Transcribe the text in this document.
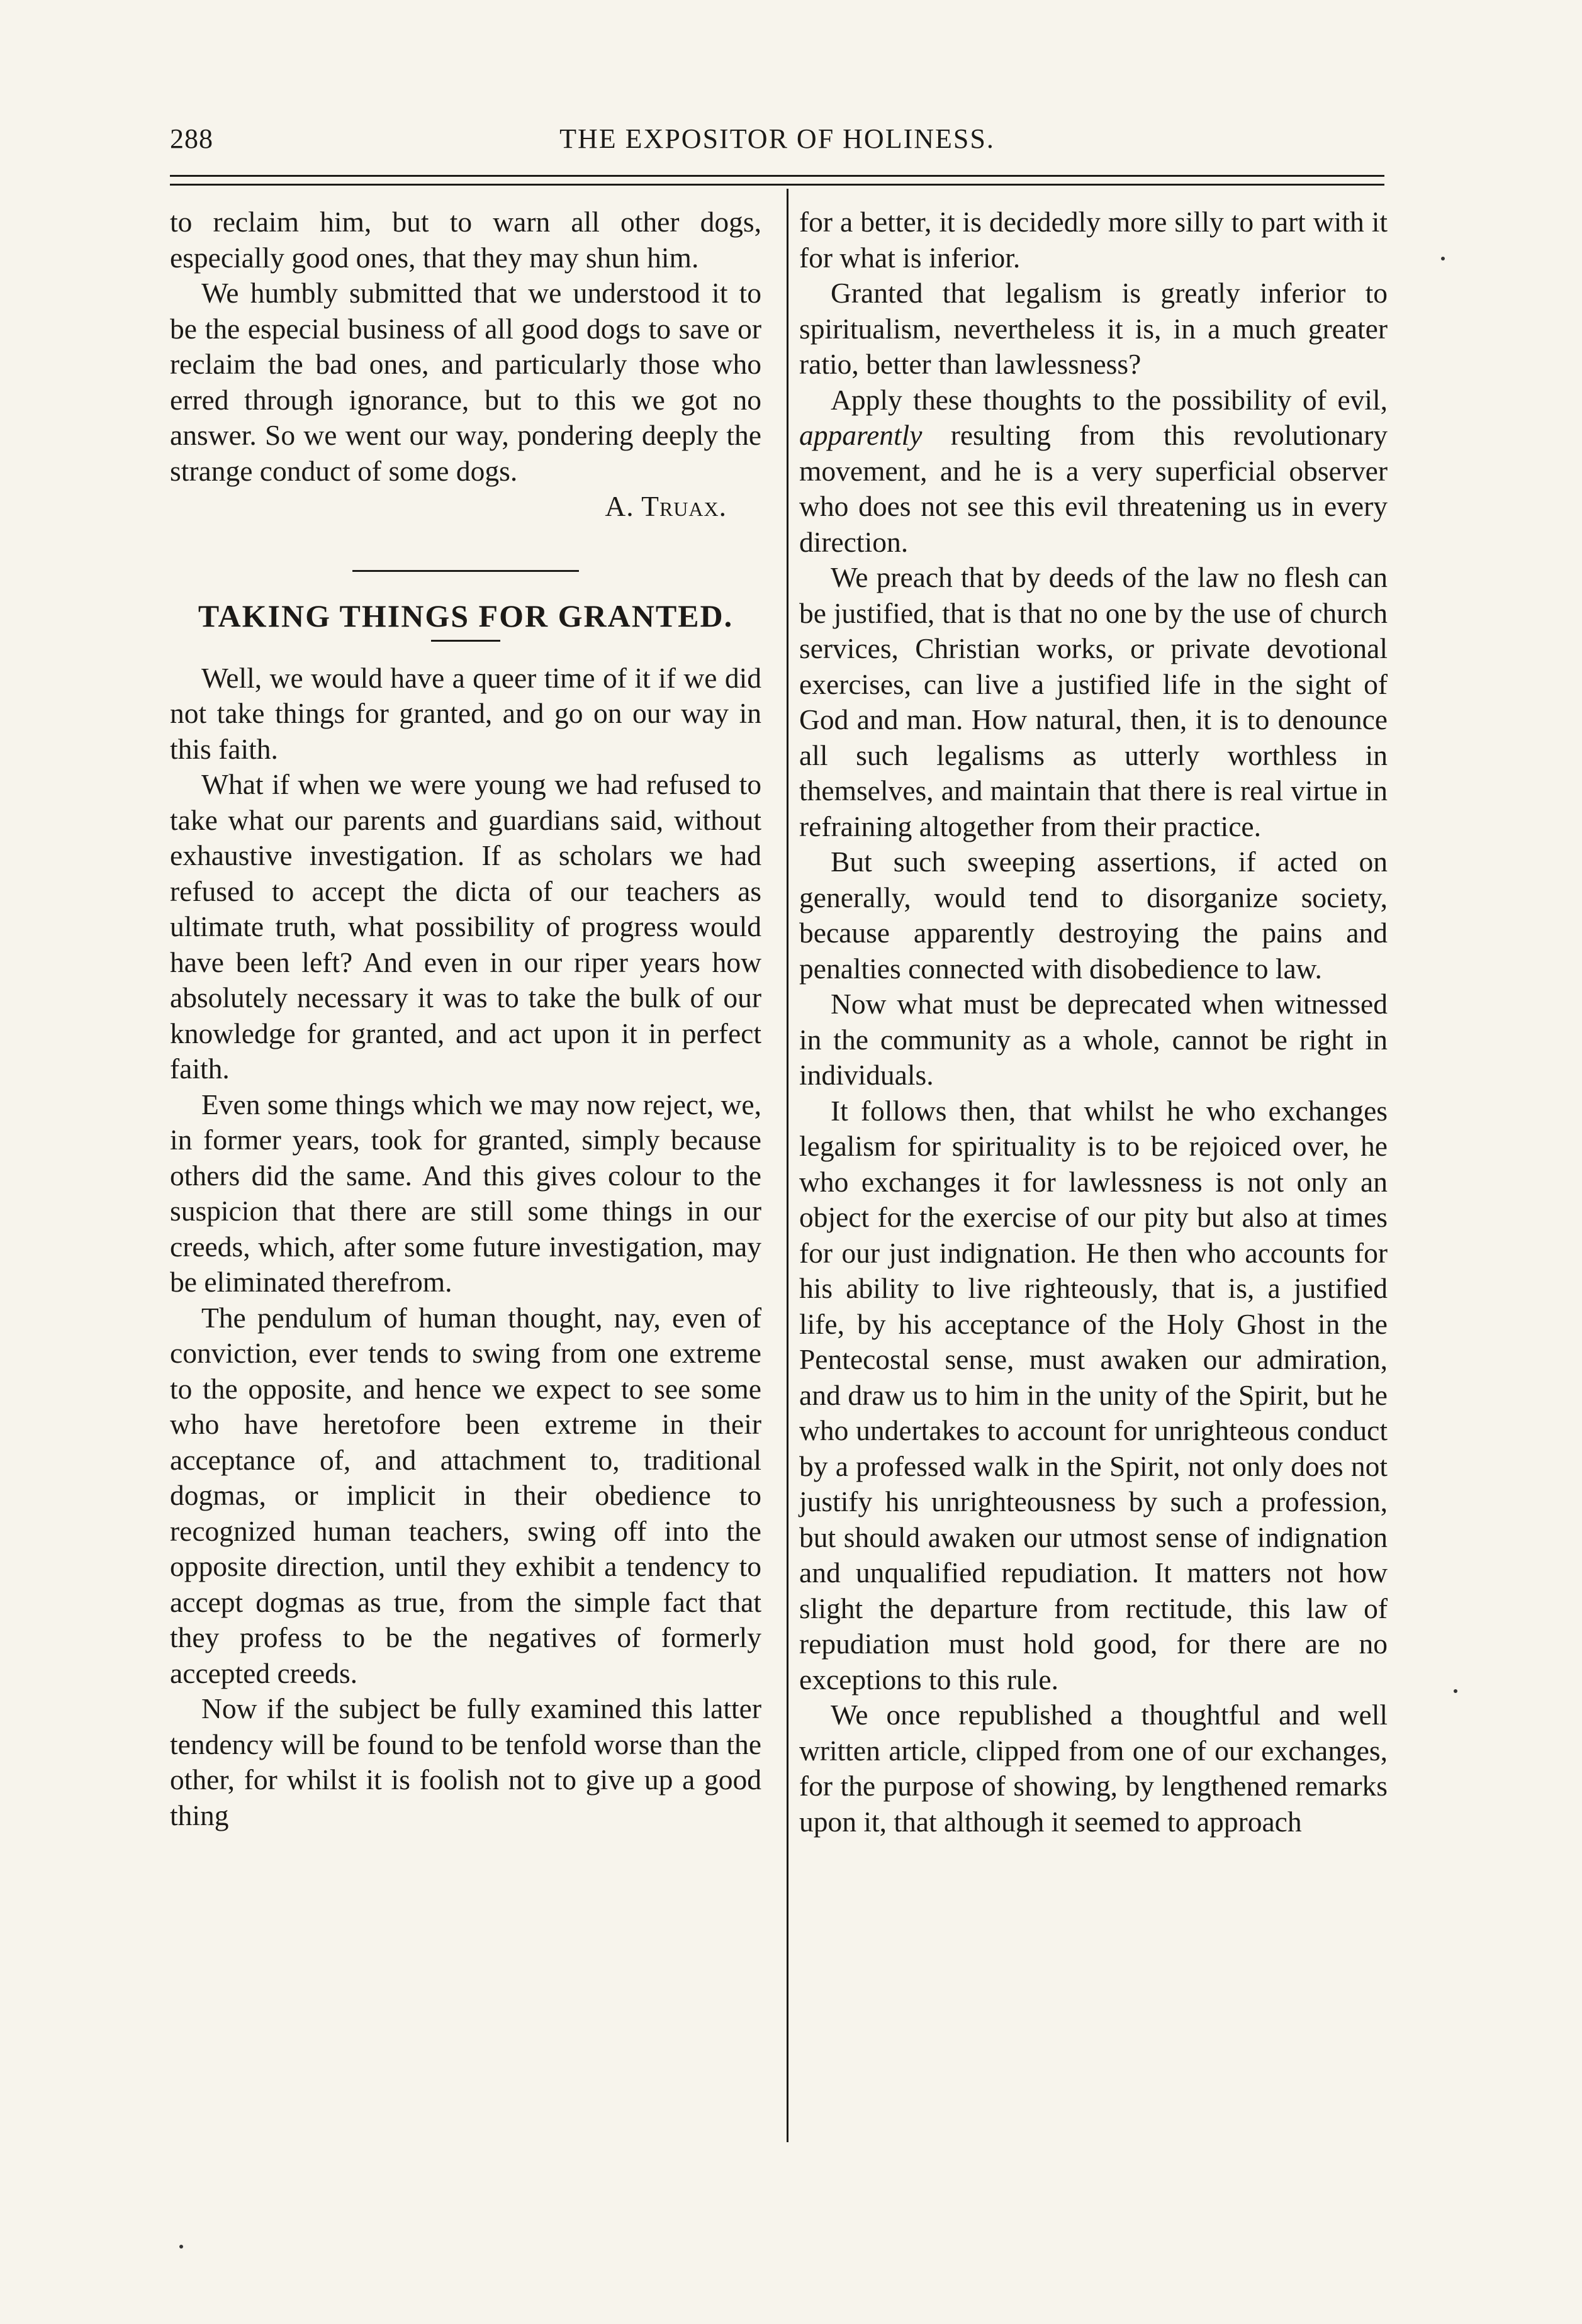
288	THE EXPOSITOR OF HOLINESS.

to reclaim him, but to warn all other dogs, especially good ones, that they may shun him.

We humbly submitted that we understood it to be the especial business of all good dogs to save or reclaim the bad ones, and particularly those who erred through ignorance, but to this we got no answer. So we went our way, pondering deeply the strange conduct of some dogs.

A. Truax.

TAKING THINGS FOR GRANTED.

Well, we would have a queer time of it if we did not take things for granted, and go on our way in this faith.

What if when we were young we had refused to take what our parents and guardians said, without exhaustive investigation. If as scholars we had refused to accept the dicta of our teachers as ultimate truth, what possibility of progress would have been left? And even in our riper years how absolutely necessary it was to take the bulk of our knowledge for granted, and act upon it in perfect faith.

Even some things which we may now reject, we, in former years, took for granted, simply because others did the same. And this gives colour to the suspicion that there are still some things in our creeds, which, after some future investigation, may be eliminated therefrom.

The pendulum of human thought, nay, even of conviction, ever tends to swing from one extreme to the opposite, and hence we expect to see some who have heretofore been extreme in their acceptance of, and attachment to, traditional dogmas, or implicit in their obedience to recognized human teachers, swing off into the opposite direction, until they exhibit a tendency to accept dogmas as true, from the simple fact that they profess to be the negatives of formerly accepted creeds.

Now if the subject be fully examined this latter tendency will be found to be tenfold worse than the other, for whilst it is foolish not to give up a good thing

for a better, it is decidedly more silly to part with it for what is inferior.

Granted that legalism is greatly inferior to spiritualism, nevertheless it is, in a much greater ratio, better than lawlessness?

Apply these thoughts to the possibility of evil, apparently resulting from this revolutionary movement, and he is a very superficial observer who does not see this evil threatening us in every direction.

We preach that by deeds of the law no flesh can be justified, that is that no one by the use of church services, Christian works, or private devotional exercises, can live a justified life in the sight of God and man. How natural, then, it is to denounce all such legalisms as utterly worthless in themselves, and maintain that there is real virtue in refraining altogether from their practice.

But such sweeping assertions, if acted on generally, would tend to disorganize society, because apparently destroying the pains and penalties connected with disobedience to law.

Now what must be deprecated when witnessed in the community as a whole, cannot be right in individuals.

It follows then, that whilst he who exchanges legalism for spirituality is to be rejoiced over, he who exchanges it for lawlessness is not only an object for the exercise of our pity but also at times for our just indignation. He then who accounts for his ability to live righteously, that is, a justified life, by his acceptance of the Holy Ghost in the Pentecostal sense, must awaken our admiration, and draw us to him in the unity of the Spirit, but he who undertakes to account for unrighteous conduct by a professed walk in the Spirit, not only does not justify his unrighteousness by such a profession, but should awaken our utmost sense of indignation and unqualified repudiation. It matters not how slight the departure from rectitude, this law of repudiation must hold good, for there are no exceptions to this rule.

We once republished a thoughtful and well written article, clipped from one of our exchanges, for the purpose of showing, by lengthened remarks upon it, that although it seemed to approach
